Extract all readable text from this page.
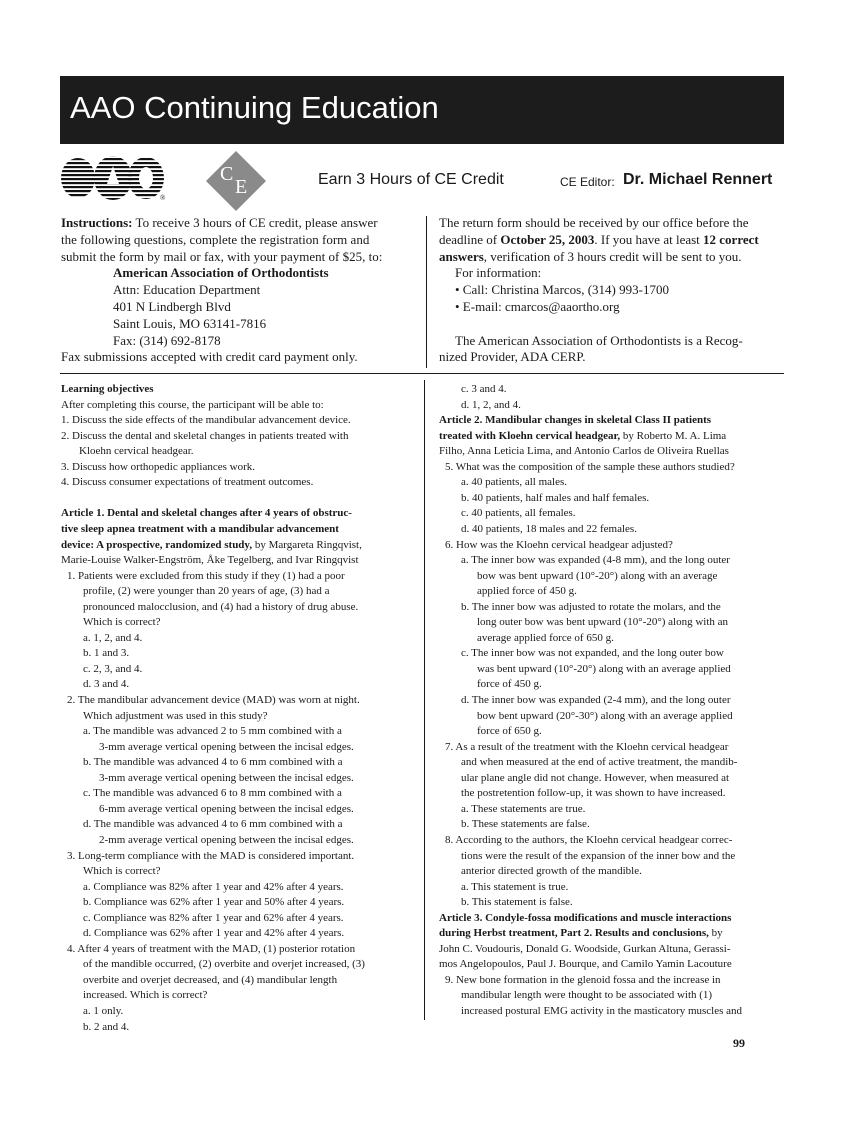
AAO Continuing Education
AAO
®
C
E	Earn 3 Hours of CE Credit	CE Editor: Dr. Michael Rennert
Instructions: To receive 3 hours of CE credit, please answer
the following questions, complete the registration form and
submit the form by mail or fax, with your payment of $25, to:
American Association of Orthodontists
Attn: Education Department
401 N Lindbergh Blvd
Saint Louis, MO 63141-7816
Fax: (314) 692-8178
Fax submissions accepted with credit card payment only.
The return form should be received by our office before the
deadline of October 25, 2003. If you have at least 12 correct
answers, verification of 3 hours credit will be sent to you.
For information:
• Call: Christina Marcos, (314) 993-1700
• E-mail: cmarcos@aaortho.org
The American Association of Orthodontists is a Recog-
nized Provider, ADA CERP.
Learning objectives
After completing this course, the participant will be able to:
1. Discuss the side effects of the mandibular advancement device.
2. Discuss the dental and skeletal changes in patients treated with
Kloehn cervical headgear.
3. Discuss how orthopedic appliances work.
4. Discuss consumer expectations of treatment outcomes.
Article 1. Dental and skeletal changes after 4 years of obstruc-
tive sleep apnea treatment with a mandibular advancement
device: A prospective, randomized study, by Margareta Ringqvist,
Marie-Louise Walker-Engström, Åke Tegelberg, and Ivar Ringqvist
1. Patients were excluded from this study if they (1) had a poor
profile, (2) were younger than 20 years of age, (3) had a
pronounced malocclusion, and (4) had a history of drug abuse.
Which is correct?
a. 1, 2, and 4.
b. 1 and 3.
c. 2, 3, and 4.
d. 3 and 4.
2. The mandibular advancement device (MAD) was worn at night.
Which adjustment was used in this study?
a. The mandible was advanced 2 to 5 mm combined with a
3-mm average vertical opening between the incisal edges.
b. The mandible was advanced 4 to 6 mm combined with a
3-mm average vertical opening between the incisal edges.
c. The mandible was advanced 6 to 8 mm combined with a
6-mm average vertical opening between the incisal edges.
d. The mandible was advanced 4 to 6 mm combined with a
2-mm average vertical opening between the incisal edges.
3. Long-term compliance with the MAD is considered important.
Which is correct?
a. Compliance was 82% after 1 year and 42% after 4 years.
b. Compliance was 62% after 1 year and 50% after 4 years.
c. Compliance was 82% after 1 year and 62% after 4 years.
d. Compliance was 62% after 1 year and 42% after 4 years.
4. After 4 years of treatment with the MAD, (1) posterior rotation
of the mandible occurred, (2) overbite and overjet increased, (3)
overbite and overjet decreased, and (4) mandibular length
increased. Which is correct?
a. 1 only.
b. 2 and 4.
c. 3 and 4.
d. 1, 2, and 4.
Article 2. Mandibular changes in skeletal Class II patients
treated with Kloehn cervical headgear, by Roberto M. A. Lima
Filho, Anna Leticia Lima, and Antonio Carlos de Oliveira Ruellas
5. What was the composition of the sample these authors studied?
a. 40 patients, all males.
b. 40 patients, half males and half females.
c. 40 patients, all females.
d. 40 patients, 18 males and 22 females.
6. How was the Kloehn cervical headgear adjusted?
a. The inner bow was expanded (4-8 mm), and the long outer
bow was bent upward (10°-20°) along with an average
applied force of 450 g.
b. The inner bow was adjusted to rotate the molars, and the
long outer bow was bent upward (10°-20°) along with an
average applied force of 650 g.
c. The inner bow was not expanded, and the long outer bow
was bent upward (10°-20°) along with an average applied
force of 450 g.
d. The inner bow was expanded (2-4 mm), and the long outer
bow bent upward (20°-30°) along with an average applied
force of 650 g.
7. As a result of the treatment with the Kloehn cervical headgear
and when measured at the end of active treatment, the mandib-
ular plane angle did not change. However, when measured at
the postretention follow-up, it was shown to have increased.
a. These statements are true.
b. These statements are false.
8. According to the authors, the Kloehn cervical headgear correc-
tions were the result of the expansion of the inner bow and the
anterior directed growth of the mandible.
a. This statement is true.
b. This statement is false.
Article 3. Condyle-fossa modifications and muscle interactions
during Herbst treatment, Part 2. Results and conclusions, by
John C. Voudouris, Donald G. Woodside, Gurkan Altuna, Gerassi-
mos Angelopoulos, Paul J. Bourque, and Camilo Yamin Lacouture
9. New bone formation in the glenoid fossa and the increase in
mandibular length were thought to be associated with (1)
increased postural EMG activity in the masticatory muscles and
99
